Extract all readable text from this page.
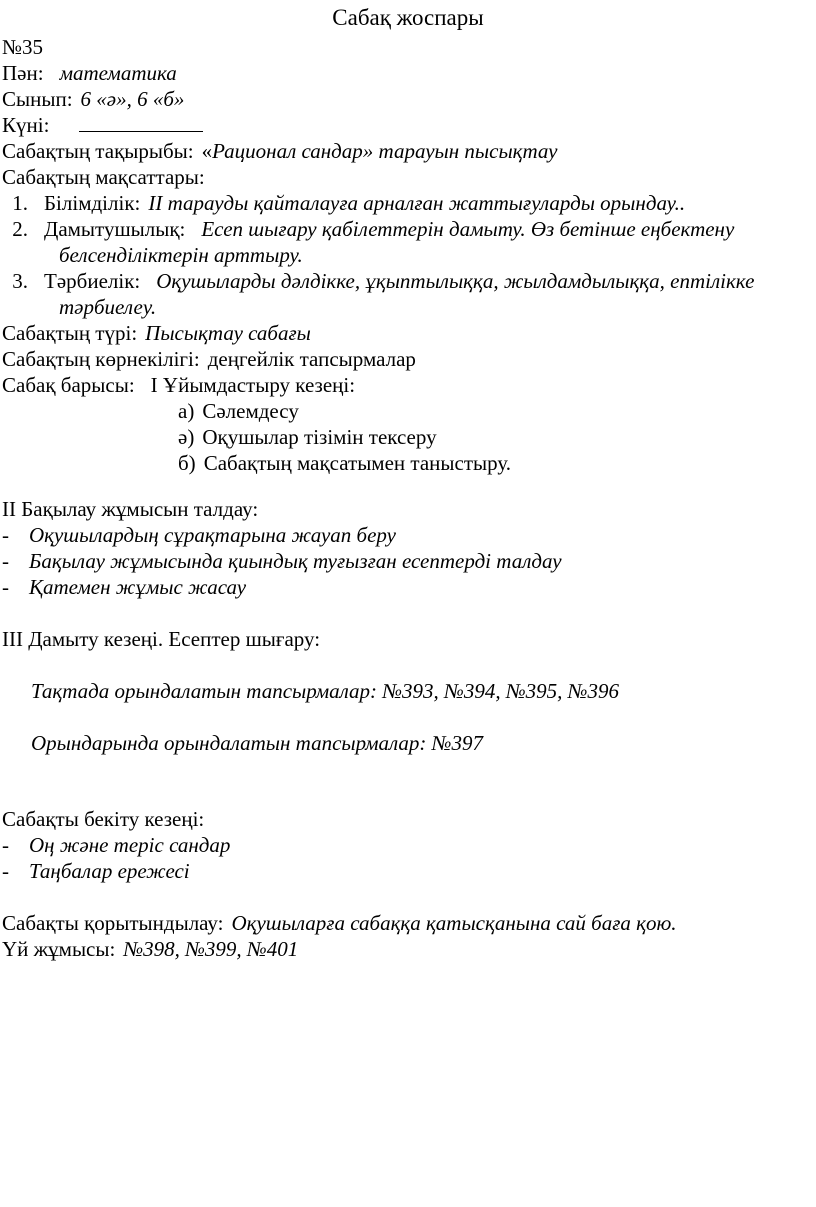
Сабақ жоспары
№35
Пән: математика
Сынып: 6 «ә», 6 «б»
Күні:
Сабақтың тақырыбы: «Рационал сандар» тарауын пысықтау
Сабақтың мақсаттары:
1. Білімділік: II тарауды қайталауға арналған жаттығуларды орындау..
2. Дамытушылық: Есеп шығару қабілеттерін дамыту. Өз бетінше еңбектену
белсенділіктерін арттыру.
3. Тәрбиелік: Оқушыларды дәлдікке, ұқыптылыққа, жылдамдылыққа, ептілікке
тәрбиелеу.
Сабақтың түрі: Пысықтау сабағы
Сабақтың көрнекілігі: деңгейлік тапсырмалар
Сабақ барысы: I Ұйымдастыру кезеңі:
а) Сәлемдесу
ә) Оқушылар тізімін тексеру
б) Сабақтың мақсатымен таныстыру.
II Бақылау жұмысын талдау:
- Оқушылардың сұрақтарына жауап беру
- Бақылау жұмысында қиындық туғызған есептерді талдау
- Қатемен жұмыс жасау
III Дамыту кезеңі. Есептер шығару:
Тақтада орындалатын тапсырмалар: №393, №394, №395, №396
Орындарында орындалатын тапсырмалар: №397
Сабақты бекіту кезеңі:
- Оң және теріс сандар
- Таңбалар ережесі
Сабақты қорытындылау: Оқушыларға сабаққа қатысқанына сай баға қою.
Үй жұмысы: №398, №399, №401
